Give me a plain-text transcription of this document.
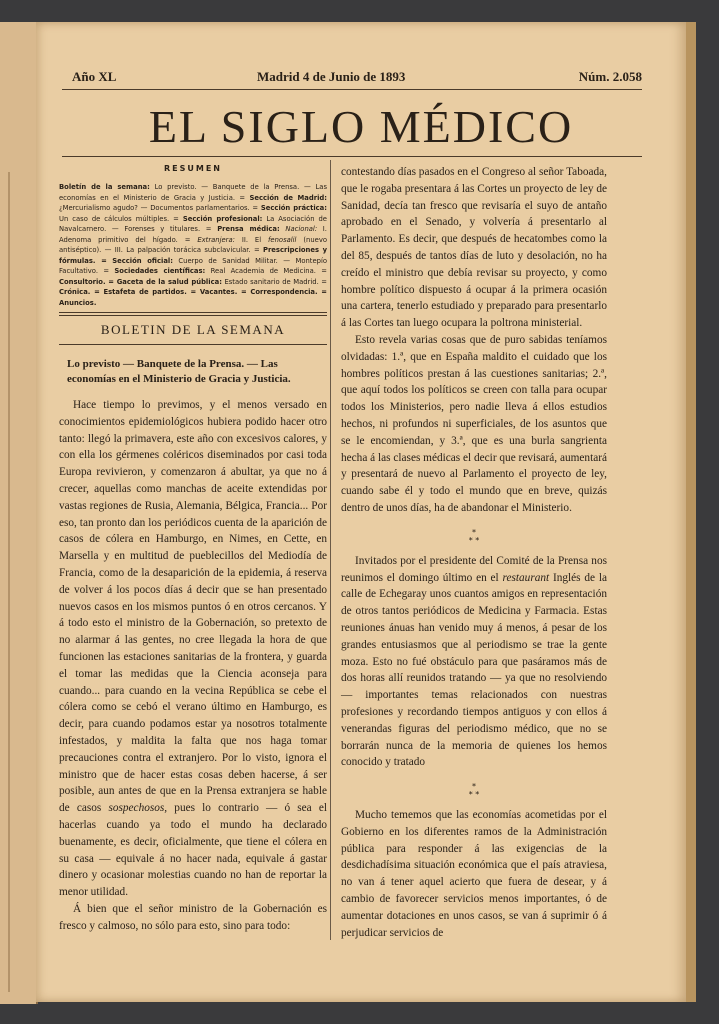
Año XL	Madrid 4 de Junio de 1893	Núm. 2.058
EL SIGLO MÉDICO
RESUMEN

Boletín de la semana: Lo previsto. — Banquete de la Prensa. — Las economías en el Ministerio de Gracia y Justicia. = Sección de Madrid: ¿Mercurialismo agudo? — Documentos parlamentarios. = Sección práctica: Un caso de cálculos múltiples. = Sección profesional: La Asociación de Navalcarnero. — Forenses y titulares. = Prensa médica: Nacional: I. Adenoma primitivo del hígado. = Extranjera: II. El fenosalil (nuevo antiséptico). — III. La palpación torácica subclavicular. = Prescripciones y fórmulas. = Sección oficial: Cuerpo de Sanidad Militar. — Montepío Facultativo. = Sociedades científicas: Real Academia de Medicina. = Consultorio. = Gaceta de la salud pública: Estado sanitario de Madrid. = Crónica. = Estafeta de partidos. = Vacantes. = Correspondencia. = Anuncios.

BOLETIN DE LA SEMANA
Lo previsto — Banquete de la Prensa. — Las economías en el Ministerio de Gracia y Justicia.

Hace tiempo lo previmos, y el menos versado en conocimientos epidemiológicos hubiera podido hacer otro tanto: llegó la primavera, este año con excesivos calores, y con ella los gérmenes coléricos diseminados por casi toda Europa revivieron, y comenzaron á abultar, ya que no á crecer, aquellas como manchas de aceite extendidas por vastas regiones de Rusia, Alemania, Bélgica, Francia... Por eso, tan pronto dan los periódicos cuenta de la aparición de casos de cólera en Hamburgo, en Nimes, en Cette, en Marsella y en multitud de pueblecillos del Mediodía de Francia, como de la desaparición de la epidemia, á reserva de volver á los pocos días á decir que se han presentado nuevos casos en los mismos puntos ó en otros cercanos. Y á todo esto el ministro de la Gobernación, so pretexto de no alarmar á las gentes, no cree llegada la hora de que funcionen las estaciones sanitarias de la frontera, y guarda el tomar las medidas que la Ciencia aconseja para cuando... para cuando en la vecina República se cebe el cólera como se cebó el verano último en Hamburgo, es decir, para cuando podamos estar ya nosotros totalmente infestados, y maldita la falta que nos haga tomar precauciones contra el extranjero. Por lo visto, ignora el ministro que de hacer estas cosas deben hacerse, á ser posible, aun antes de que en la Prensa extranjera se hable de casos sospechosos, pues lo contrario — ó sea el hacerlas cuando ya todo el mundo ha declarado buenamente, es decir, oficialmente, que tiene el cólera en su casa — equivale á no hacer nada, equivale á gastar dinero y ocasionar molestias cuando no han de reportar la menor utilidad.

Á bien que el señor ministro de la Gobernación es fresco y calmoso, no sólo para esto, sino para todo:

contestando días pasados en el Congreso al señor Taboada, que le rogaba presentara á las Cortes un proyecto de ley de Sanidad, decía tan fresco que revisaría el suyo de antaño aprobado en el Senado, y volvería á presentarlo al Parlamento. Es decir, que después de hecatombes como la del 85, después de tantos días de luto y desolación, no ha creído el ministro que debía revisar su proyecto, y como hombre político dispuesto á ocupar á la primera ocasión una cartera, tenerlo estudiado y preparado para presentarlo á las Cortes tan luego ocupara la poltrona ministerial.

Esto revela varias cosas que de puro sabidas teníamos olvidadas: 1.ª, que en España maldito el cuidado que los hombres políticos prestan á las cuestiones sanitarias; 2.ª, que aquí todos los políticos se creen con talla para ocupar todos los Ministerios, pero nadie lleva á ellos estudios hechos, ni profundos ni superficiales, de los asuntos que se le encomiendan, y 3.ª, que es una burla sangrienta hecha á las clases médicas el decir que revisará, aumentará y presentará de nuevo al Parlamento el proyecto de ley, cuando sabe él y todo el mundo que en breve, quizás dentro de unos días, ha de abandonar el Ministerio.

*
* *

Invitados por el presidente del Comité de la Prensa nos reunimos el domingo último en el restaurant Inglés de la calle de Echegaray unos cuantos amigos en representación de otros tantos periódicos de Medicina y Farmacia. Estas reuniones ánuas han venido muy á menos, á pesar de los grandes entusiasmos que al periodismo se trae la gente moza. Esto no fué obstáculo para que pasáramos más de dos horas allí reunidos tratando — ya que no resolviendo — importantes temas relacionados con nuestras profesiones y recordando tiempos antiguos y con ellos á venerandas figuras del periodismo médico, que no se borrarán nunca de la memoria de quienes los hemos conocido y tratado

*
* *

Mucho tememos que las economías acometidas por el Gobierno en los diferentes ramos de la Administración pública para responder á las exigencias de la desdichadísima situación económica que el país atraviesa, no van á tener aquel acierto que fuera de desear, y á cambio de favorecer servicios menos importantes, ó de aumentar dotaciones en unos casos, se van á suprimir ó á perjudicar servicios de
